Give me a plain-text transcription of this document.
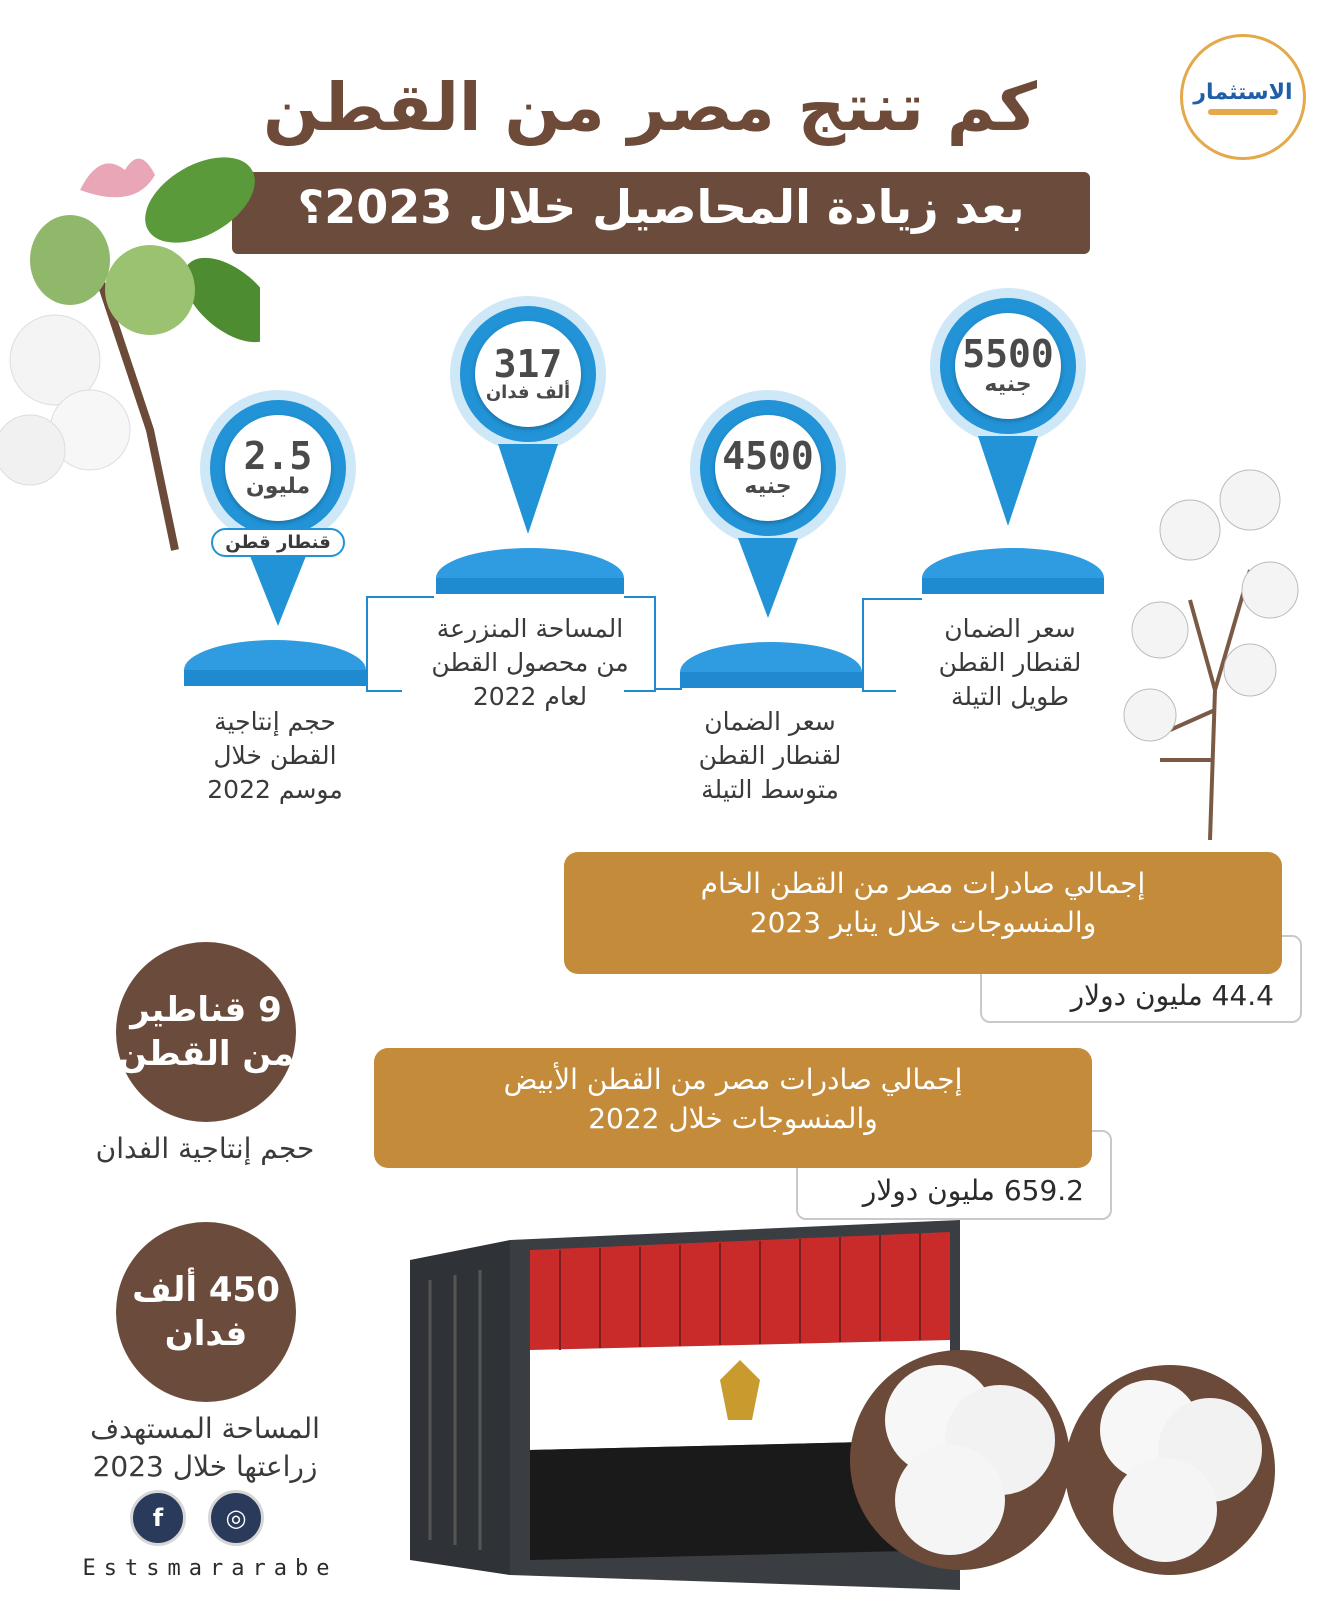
كم تنتج مصر من القطن
بعد زيادة المحاصيل خلال 2023؟
الاستثمار
2.5
مليون
قنطار قطن
حجم إنتاجية
القطن خلال
موسم 2022
317
ألف فدان
المساحة المنزرعة
من محصول القطن
لعام 2022
4500
جنيه
سعر الضمان
لقنطار القطن
متوسط التيلة
5500
جنيه
سعر الضمان
لقنطار القطن
طويل التيلة
44.4 مليون دولار
إجمالي صادرات مصر من القطن الخام
والمنسوجات خلال يناير 2023
659.2 مليون دولار
إجمالي صادرات مصر من القطن الأبيض
والمنسوجات خلال 2022
9 قناطير
من القطن
حجم إنتاجية الفدان
450 ألف
فدان
المساحة المستهدف
زراعتها خلال 2023
f	◎
Estsmararabe
